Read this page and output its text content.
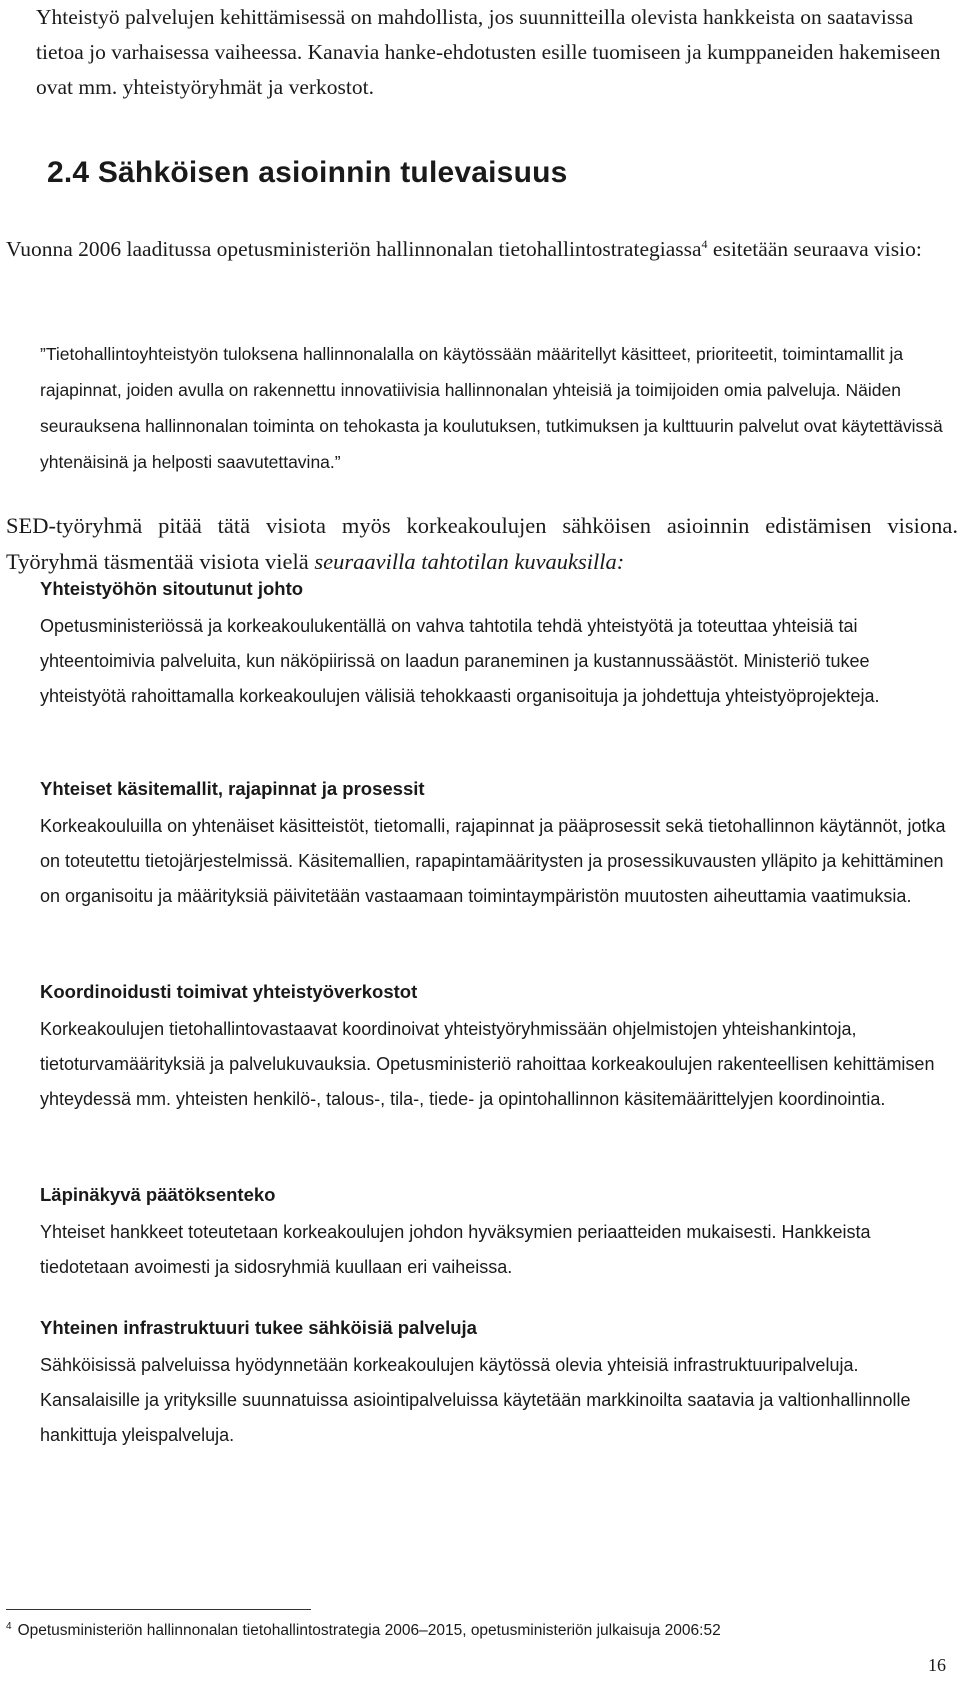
Yhteistyö palvelujen kehittämisessä on mahdollista, jos suunnitteilla olevista hankkeista on saatavissa tietoa jo varhaisessa vaiheessa. Kanavia hanke-ehdotusten esille tuomiseen ja kumppaneiden hakemiseen ovat mm. yhteistyöryhmät ja verkostot.
2.4 Sähköisen asioinnin tulevaisuus
Vuonna 2006 laaditussa opetusministeriön hallinnonalan tietohallintostrategiassa$^4$ esitetään seuraava visio:
”Tietohallintoyhteistyön tuloksena hallinnonalalla on käytössään määritellyt käsitteet, prioriteetit, toimintamallit ja rajapinnat, joiden avulla on rakennettu innovatiivisia hallinnonalan yhteisiä ja toimijoiden omia palveluja. Näiden seurauksena hallinnonalan toiminta on tehokasta ja koulutuksen, tutkimuksen ja kulttuurin palvelut ovat käytettävissä yhtenäisinä ja helposti saavutettavina.”
SED-työryhmä pitää tätä visiota myös korkeakoulujen sähköisen asioinnin edistämisen visiona. Työryhmä täsmentää visiota vielä seuraavilla tahtotilan kuvauksilla:
Yhteistyöhön sitoutunut johto

Opetusministeriössä ja korkeakoulukentällä on vahva tahtotila tehdä yhteistyötä ja toteuttaa yhteisiä tai yhteentoimivia palveluita, kun näköpiirissä on laadun paraneminen ja kustannussäästöt. Ministeriö tukee yhteistyötä rahoittamalla korkeakoulujen välisiä tehokkaasti organisoituja ja johdettuja yhteistyöprojekteja.

Yhteiset käsitemallit, rajapinnat ja prosessit

Korkeakouluilla on yhtenäiset käsitteistöt, tietomalli, rajapinnat ja pääprosessit sekä tietohallinnon käytännöt, jotka on toteutettu tietojärjestelmissä. Käsitemallien, rapapintamääritysten ja prosessikuvausten ylläpito ja kehittäminen on organisoitu ja määrityksiä päivitetään vastaamaan toimintaympäristön muutosten aiheuttamia vaatimuksia.

Koordinoidusti toimivat yhteistyöverkostot

Korkeakoulujen tietohallintovastaavat koordinoivat yhteistyöryhmissään ohjelmistojen yhteishankintoja, tietoturvamäärityksiä ja palvelukuvauksia. Opetusministeriö rahoittaa korkeakoulujen rakenteellisen kehittämisen yhteydessä mm. yhteisten henkilö-, talous-, tila-, tiede- ja opintohallinnon käsitemäärittelyjen koordinointia.

Läpinäkyvä päätöksenteko

Yhteiset hankkeet toteutetaan korkeakoulujen johdon hyväksymien periaatteiden mukaisesti. Hankkeista tiedotetaan avoimesti ja sidosryhmiä kuullaan eri vaiheissa.

Yhteinen infrastruktuuri tukee sähköisiä palveluja

Sähköisissä palveluissa hyödynnetään korkeakoulujen käytössä olevia yhteisiä infrastruktuuripalveluja. Kansalaisille ja yrityksille suunnatuissa asiointipalveluissa käytetään markkinoilta saatavia ja valtionhallinnolle hankittuja yleispalveluja.

$^4$ Opetusministeriön hallinnonalan tietohallintostrategia 2006–2015, opetusministeriön julkaisuja 2006:52
16
